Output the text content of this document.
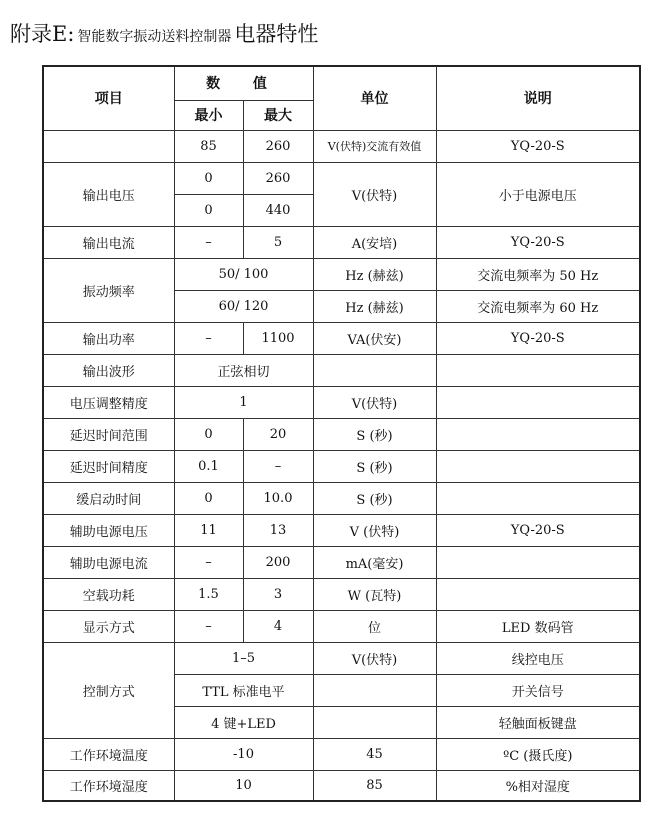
附录E: 智能数字振动送料控制器 电器特性
项目	数 值		单位	说明
	最小	最大		
	85	260	V(伏特)交流有效值	YQ-20-S
输出电压	0	260	V(伏特)	小于电源电压
	0	440		
输出电流	–	5	A(安培)	YQ-20-S
振动频率	50/ 100		Hz (赫兹)	交流电频率为 50 Hz
	60/ 120		Hz (赫兹)	交流电频率为 60 Hz
输出功率	–	1100	VA(伏安)	YQ-20-S
输出波形	正弦相切			
电压调整精度	1		V(伏特)	
延迟时间范围	0	20	S (秒)	
延迟时间精度	0.1	–	S (秒)	
缓启动时间	0	10.0	S (秒)	
辅助电源电压	11	13	V (伏特)	YQ-20-S
辅助电源电流	–	200	mA(毫安)	
空载功耗	1.5	3	W (瓦特)	
显示方式	–	4	位	LED 数码管
控制方式	1–5		V(伏特)	线控电压
	TTL 标准电平			开关信号
	4 键+LED			轻触面板键盘
工作环境温度	-10		45	ºC (摄氏度)
工作环境湿度	10		85	%相对湿度
